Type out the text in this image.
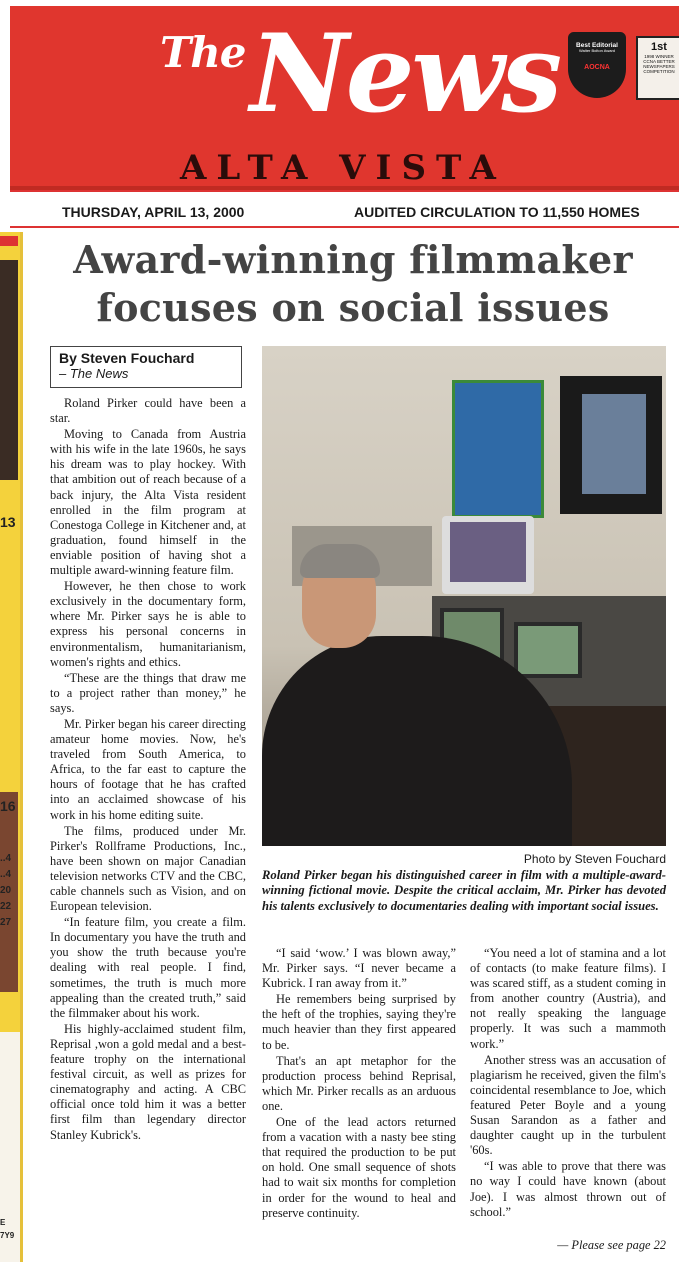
The News
ALTA VISTA
Best Editorial
Walter Bolton Award
AOCNA
1st
1998 WINNER CCNA BETTER NEWSPAPERS COMPETITION
THURSDAY, APRIL 13, 2000	AUDITED CIRCULATION TO 11,550 HOMES
13
16
..4
..4
20
22
27
E 7Y9
Award-winning filmmaker focuses on social issues
By Steven Fouchard
– The News

Roland Pirker could have been a star.

Moving to Canada from Austria with his wife in the late 1960s, he says his dream was to play hockey. With that ambition out of reach because of a back injury, the Alta Vista resident enrolled in the film program at Conestoga College in Kitchener and, at graduation, found himself in the enviable position of having shot a multiple award-winning feature film.

However, he then chose to work exclusively in the documentary form, where Mr. Pirker says he is able to express his personal concerns in environmentalism, humanitarianism, women's rights and ethics.

“These are the things that draw me to a project rather than money,” he says.

Mr. Pirker began his career directing amateur home movies. Now, he's traveled from South America, to Africa, to the far east to capture the hours of footage that he has crafted into an acclaimed showcase of his work in his home editing suite.

The films, produced under Mr. Pirker's Rollframe Productions, Inc., have been shown on major Canadian television networks CTV and the CBC, cable channels such as Vision, and on European television.

“In feature film, you create a film. In documentary you have the truth and you show the truth because you're dealing with real people. I find, sometimes, the truth is much more appealing than the created truth,” said the filmmaker about his work.

His highly-acclaimed student film, Reprisal ,won a gold medal and a best-feature trophy on the international festival circuit, as well as prizes for cinematography and acting. A CBC official once told him it was a better first film than legendary director Stanley Kubrick's.

Photo by Steven Fouchard
Roland Pirker began his distinguished career in film with a multiple-award-winning fictional movie. Despite the critical acclaim, Mr. Pirker has devoted his talents exclusively to documentaries dealing with important social issues.

“I said ‘wow.’ I was blown away,” Mr. Pirker says. “I never became a Kubrick. I ran away from it.”

He remembers being surprised by the heft of the trophies, saying they're much heavier than they first appeared to be.

That's an apt metaphor for the production process behind Reprisal, which Mr. Pirker recalls as an arduous one.

One of the lead actors returned from a vacation with a nasty bee sting that required the production to be put on hold. One small sequence of shots had to wait six months for completion in order for the wound to heal and preserve continuity.

“You need a lot of stamina and a lot of contacts (to make feature films). I was scared stiff, as a student coming in from another country (Austria), and not really speaking the language properly. It was such a mammoth work.”

Another stress was an accusation of plagiarism he received, given the film's coincidental resemblance to Joe, which featured Peter Boyle and a young Susan Sarandon as a father and daughter caught up in the turbulent '60s.

“I was able to prove that there was no way I could have known (about Joe). I was almost thrown out of school.”

— Please see page 22
